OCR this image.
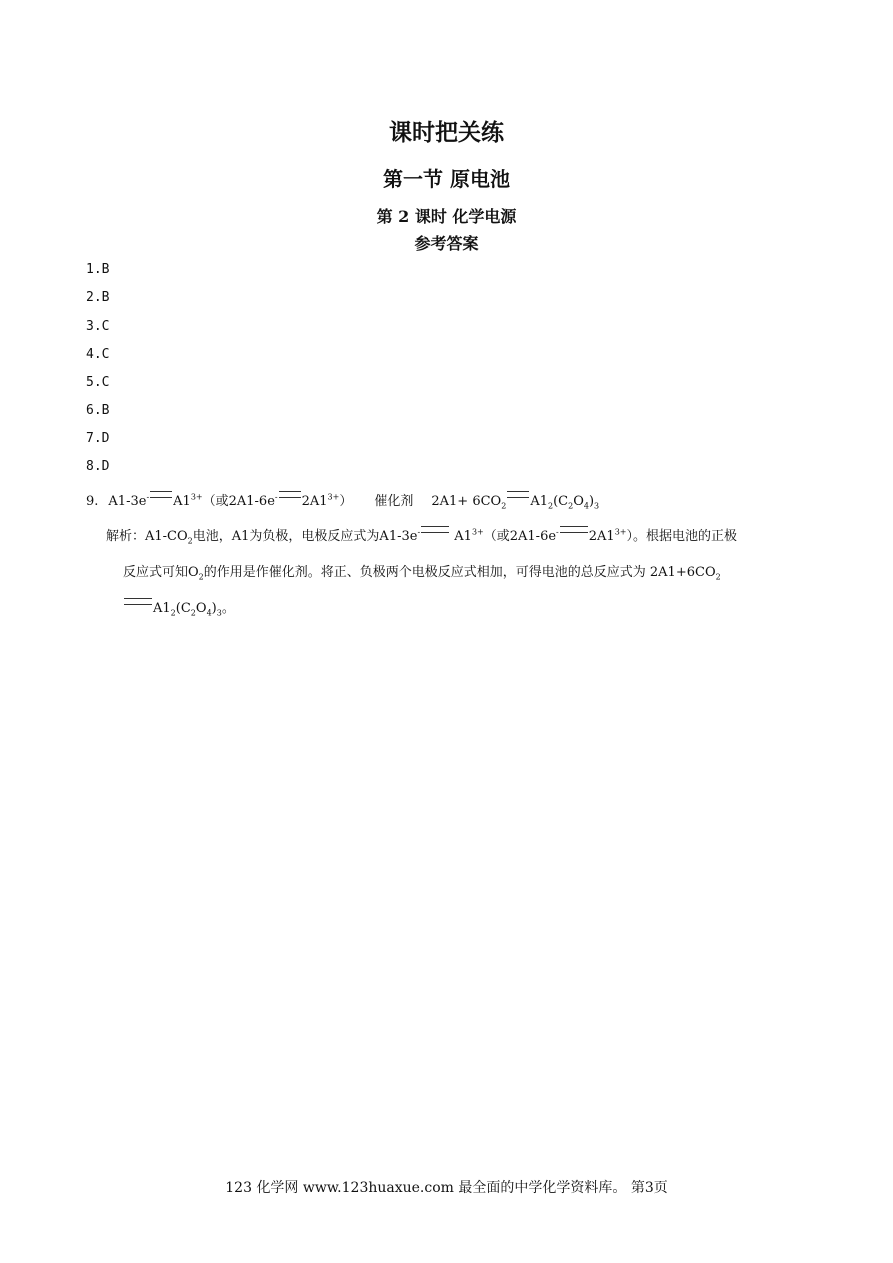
课时把关练
第一节 原电池
第 2 课时 化学电源
参考答案
1.B
2.B
3.C
4.C
5.C
6.B
7.D
8.D
9. A1-3e- $A1^{3+}$（或2A1-6e- $2A1^{3+}$） 催化剂 $2A1+ 6CO_2$ $A1_2(C_2O_4)_3$
解析：$A1-CO_2$电池，A1为负极，电极反应式为A1-3e- $A1^{3+}$（或2A1-6e- $2A1^{3+}$）。根据电池的正极
反应式可知$O_2$的作用是作催化剂。将正、负极两个电极反应式相加，可得电池的总反应式为 $2A1+6CO_2$
$A1_2(C_2O_4)_3$。
123 化学网 www.123huaxue.com 最全面的中学化学资料库。 第3页
